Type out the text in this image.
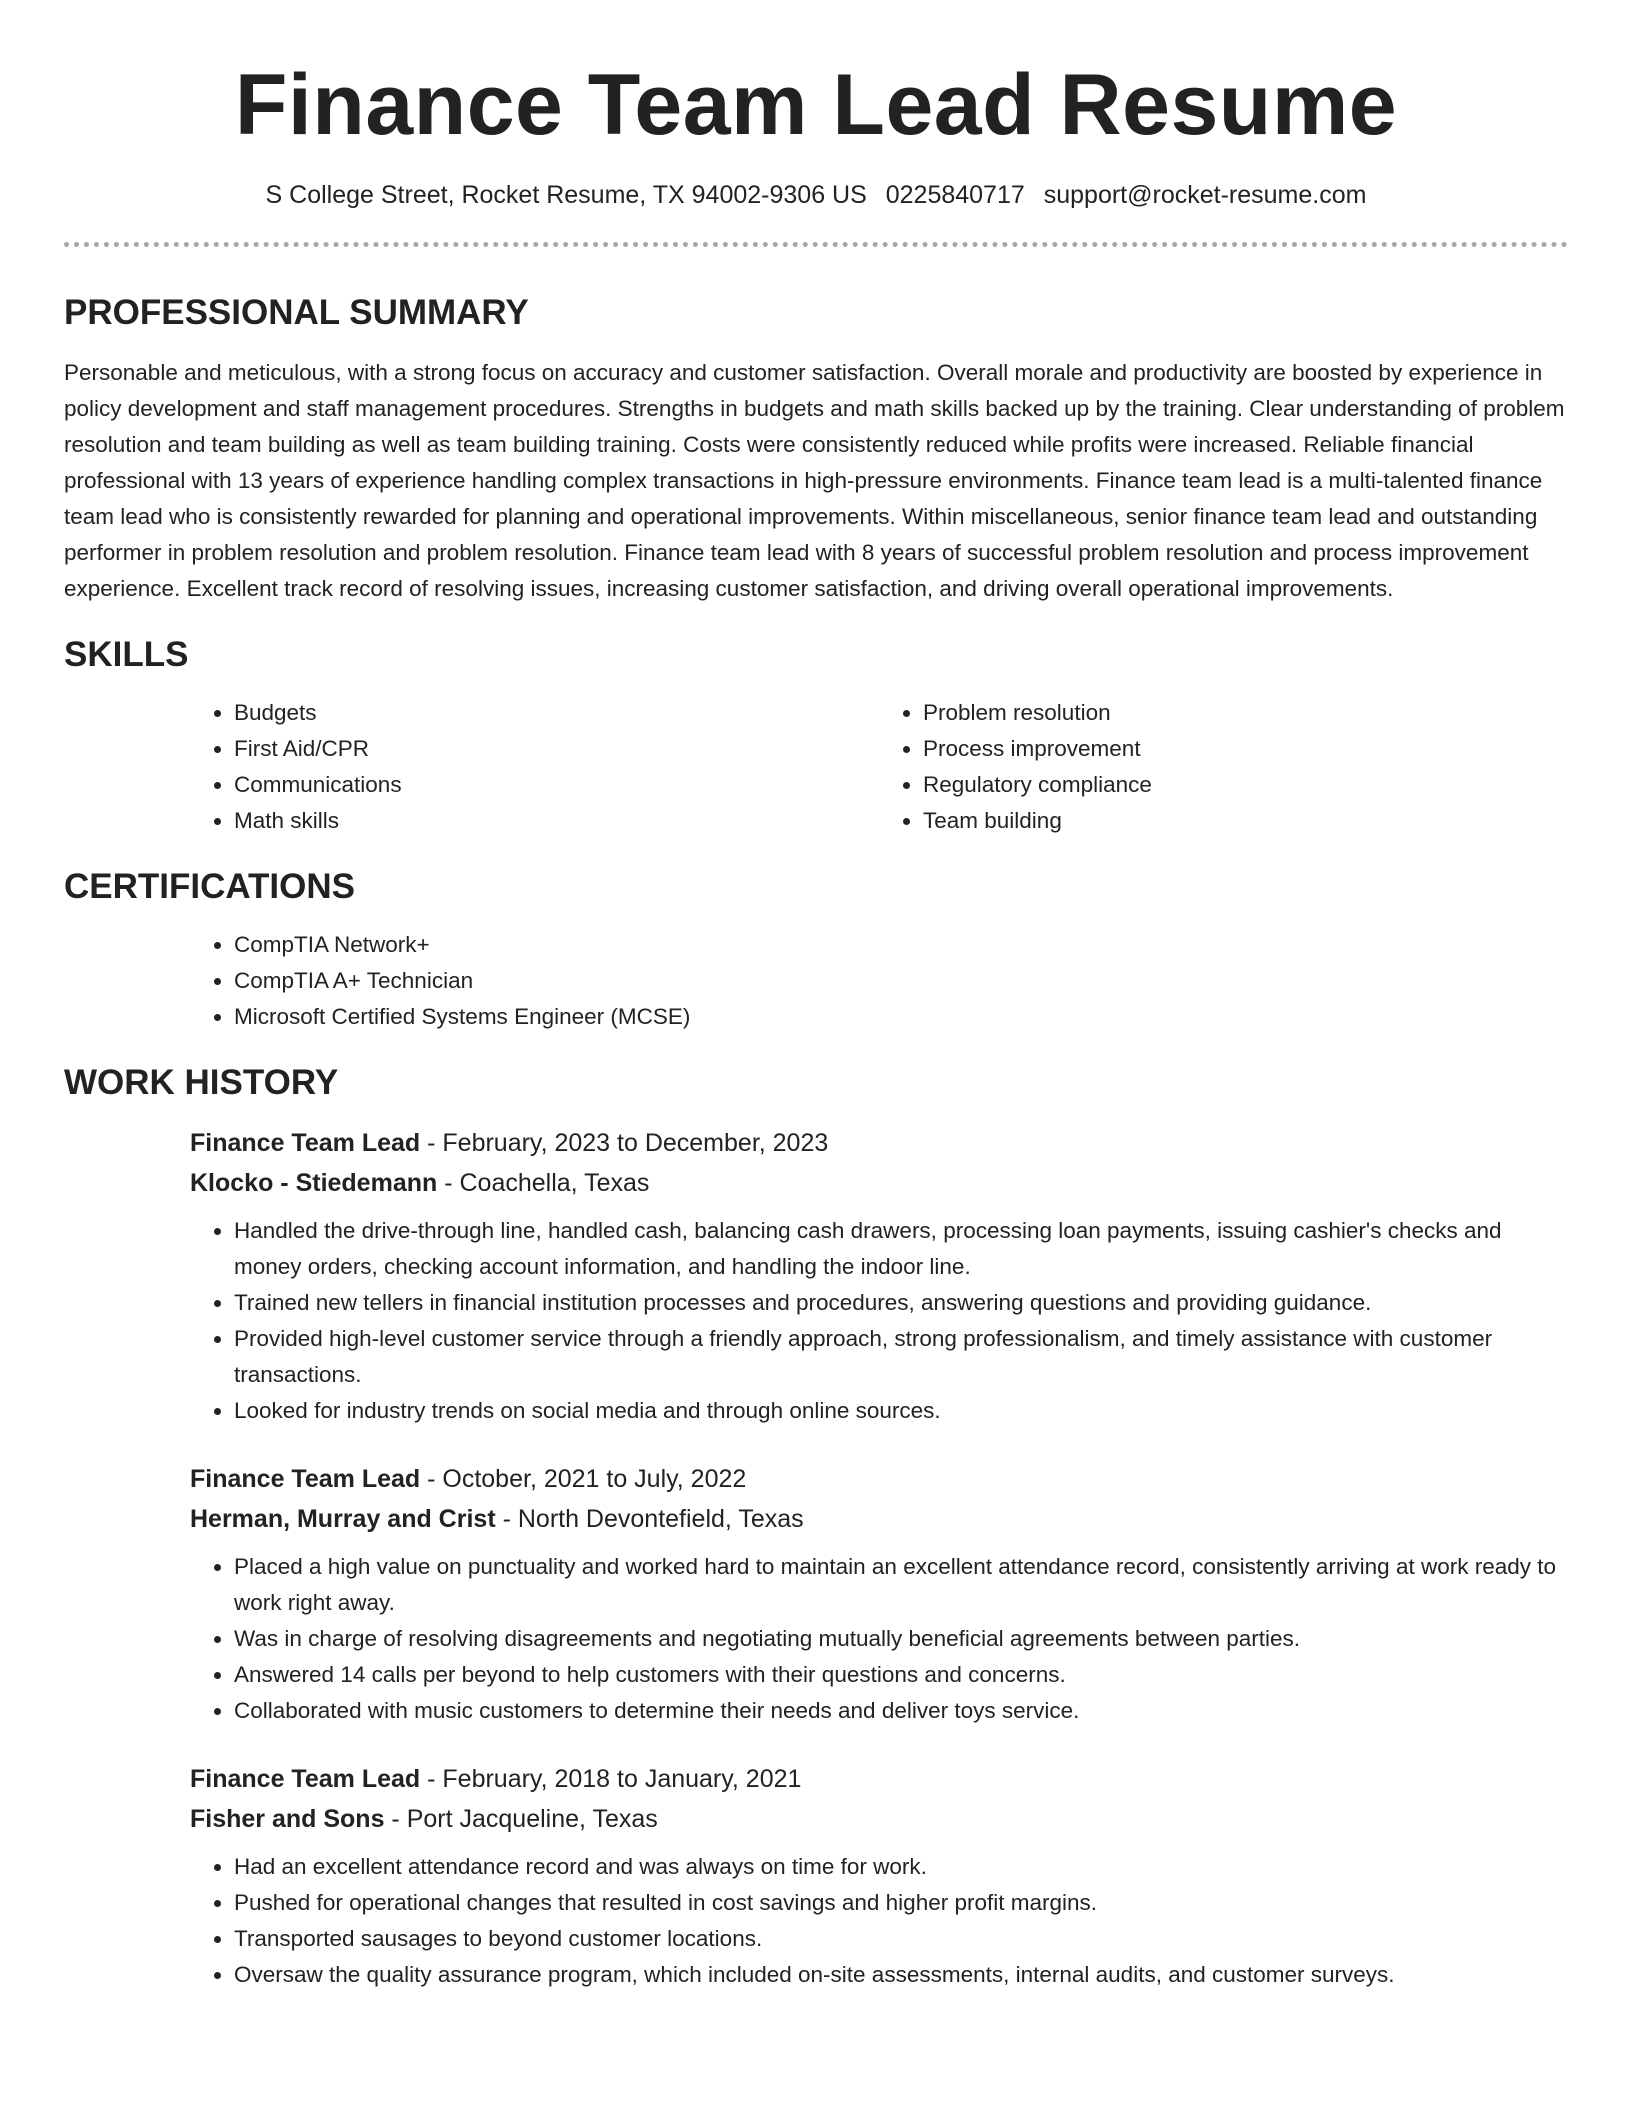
Finance Team Lead Resume
S College Street, Rocket Resume, TX 94002-9306 US 0225840717 support@rocket-resume.com
PROFESSIONAL SUMMARY

Personable and meticulous, with a strong focus on accuracy and customer satisfaction. Overall morale and productivity are boosted by experience in policy development and staff management procedures. Strengths in budgets and math skills backed up by the training. Clear understanding of problem resolution and team building as well as team building training. Costs were consistently reduced while profits were increased. Reliable financial professional with 13 years of experience handling complex transactions in high-pressure environments. Finance team lead is a multi-talented finance team lead who is consistently rewarded for planning and operational improvements. Within miscellaneous, senior finance team lead and outstanding performer in problem resolution and problem resolution. Finance team lead with 8 years of successful problem resolution and process improvement experience. Excellent track record of resolving issues, increasing customer satisfaction, and driving overall operational improvements.

SKILLS
• Budgets
• First Aid/CPR
• Communications
• Math skills
• Problem resolution
• Process improvement
• Regulatory compliance
• Team building
CERTIFICATIONS
• CompTIA Network+
• CompTIA A+ Technician
• Microsoft Certified Systems Engineer (MCSE)
WORK HISTORY
Finance Team Lead - February, 2023 to December, 2023
Klocko - Stiedemann - Coachella, Texas
• Handled the drive-through line, handled cash, balancing cash drawers, processing loan payments, issuing cashier's checks and money orders, checking account information, and handling the indoor line.
• Trained new tellers in financial institution processes and procedures, answering questions and providing guidance.
• Provided high-level customer service through a friendly approach, strong professionalism, and timely assistance with customer transactions.
• Looked for industry trends on social media and through online sources.
Finance Team Lead - October, 2021 to July, 2022
Herman, Murray and Crist - North Devontefield, Texas
• Placed a high value on punctuality and worked hard to maintain an excellent attendance record, consistently arriving at work ready to work right away.
• Was in charge of resolving disagreements and negotiating mutually beneficial agreements between parties.
• Answered 14 calls per beyond to help customers with their questions and concerns.
• Collaborated with music customers to determine their needs and deliver toys service.
Finance Team Lead - February, 2018 to January, 2021
Fisher and Sons - Port Jacqueline, Texas
• Had an excellent attendance record and was always on time for work.
• Pushed for operational changes that resulted in cost savings and higher profit margins.
• Transported sausages to beyond customer locations.
• Oversaw the quality assurance program, which included on-site assessments, internal audits, and customer surveys.
